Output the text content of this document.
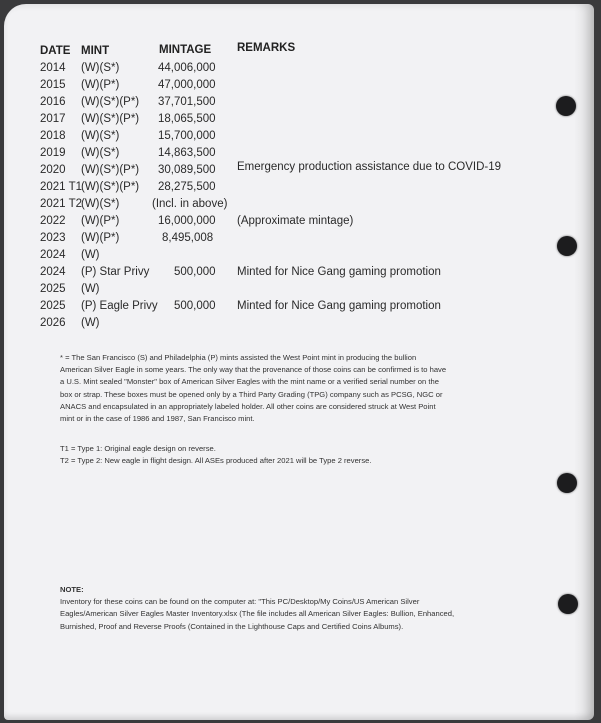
DATE MINT	MINTAGE REMARKS
2014 (W)(S*)	44,006,000
2015 (W)(P*)	47,000,000
2016 (W)(S*)(P*) 37,701,500
2017 (W)(S*)(P*) 18,065,500
2018 (W)(S*)	15,700,000
2019 (W)(S*)	14,863,500
2020 (W)(S*)(P*) 30,089,500 Emergency production assistance due to COVID-19
2021 T1 (W)(S*)(P*) 28,275,500
2021 T2 (W)(S*)	(Incl. in above)
2022 (W)(P*)	16,000,000 (Approximate mintage)
2023 (W)(P*)	8,495,008
2024 (W)
2024 (P) Star Privy 500,000 Minted for Nice Gang gaming promotion
2025 (W)
2025 (P) Eagle Privy 500,000 Minted for Nice Gang gaming promotion
2026 (W)
* = The San Francisco (S) and Philadelphia (P) mints assisted the West Point mint in producing the bullion
American Silver Eagle in some years. The only way that the provenance of those coins can be confirmed is to have
a U.S. Mint sealed "Monster" box of American Silver Eagles with the mint name or a verified serial number on the
box or strap. These boxes must be opened only by a Third Party Grading (TPG) company such as PCSG, NGC or
ANACS and encapsulated in an appropriately labeled holder. All other coins are considered struck at West Point
mint or in the case of 1986 and 1987, San Francisco mint.
T1 = Type 1: Original eagle design on reverse.
T2 = Type 2: New eagle in flight design. All ASEs produced after 2021 will be Type 2 reverse.
NOTE:
Inventory for these coins can be found on the computer at: "This PC/Desktop/My Coins/US American Silver
Eagles/American Silver Eagles Master Inventory.xlsx (The file includes all American Silver Eagles: Bullion, Enhanced,
Burnished, Proof and Reverse Proofs (Contained in the Lighthouse Caps and Certified Coins Albums).
